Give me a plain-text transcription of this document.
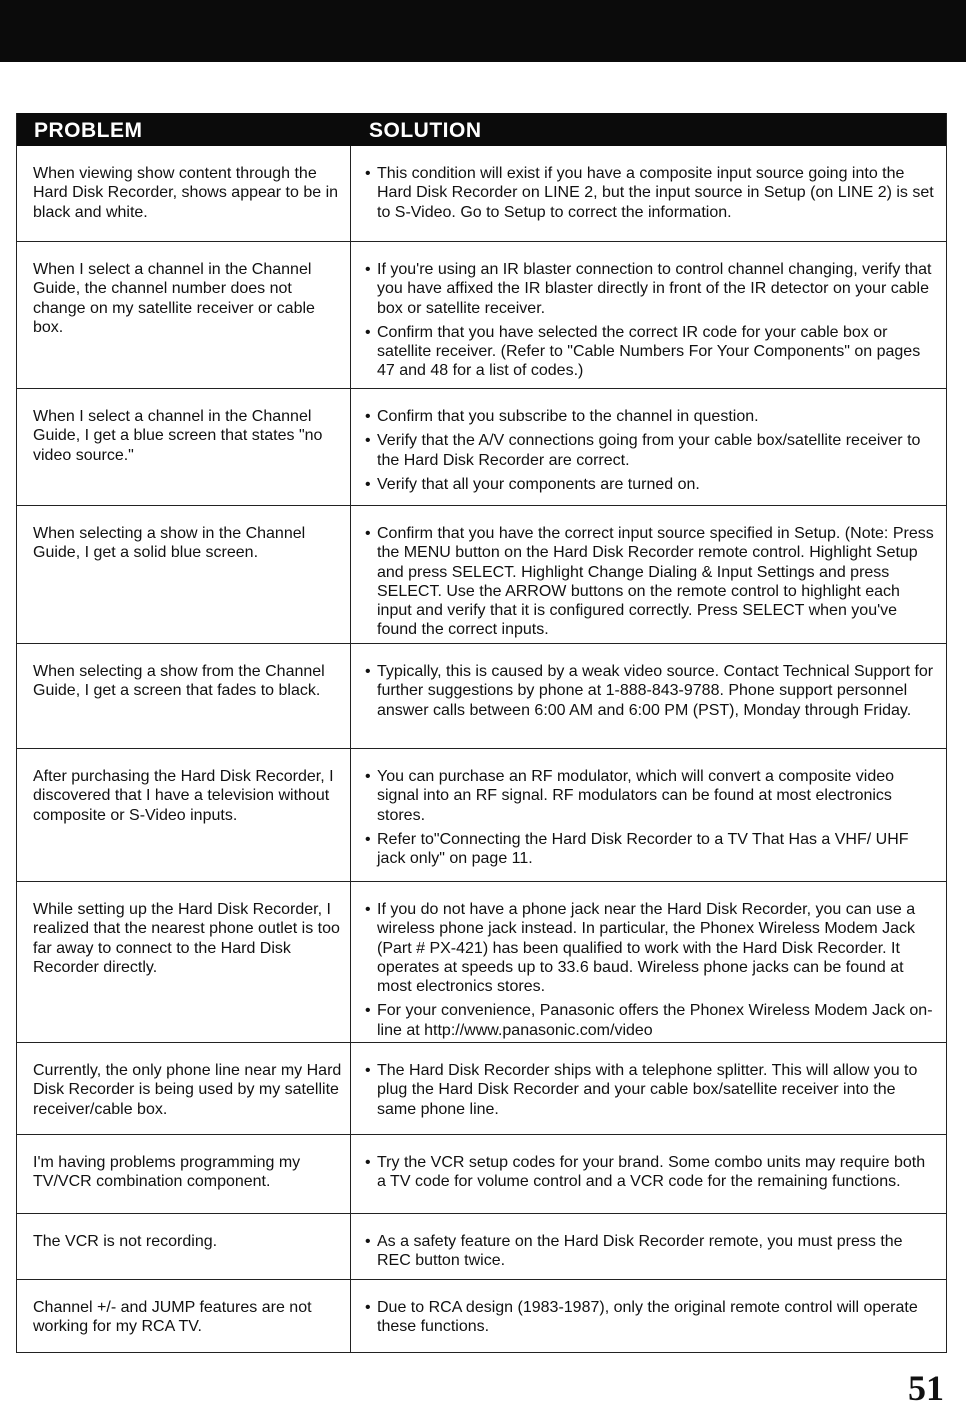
PROBLEM	SOLUTION
When viewing show content through the Hard Disk Recorder, shows appear to be in black and white.
• This condition will exist if you have a composite input source going into the Hard Disk Recorder on LINE 2, but the input source in Setup (on LINE 2) is set to S-Video. Go to Setup to correct the information.
When I select a channel in the Channel Guide, the channel number does not change on my satellite receiver or cable box.
• If you're using an IR blaster connection to control channel changing, verify that you have affixed the IR blaster directly in front of the IR detector on your cable box or satellite receiver.
• Confirm that you have selected the correct IR code for your cable box or satellite receiver. (Refer to "Cable Numbers For Your Components" on pages 47 and 48 for a list of codes.)
When I select a channel in the Channel Guide, I get a blue screen that states "no video source."
• Confirm that you subscribe to the channel in question.
• Verify that the A/V connections going from your cable box/satellite receiver to the Hard Disk Recorder are correct.
• Verify that all your components are turned on.
When selecting a show in the Channel Guide, I get a solid blue screen.
• Confirm that you have the correct input source specified in Setup. (Note: Press the MENU button on the Hard Disk Recorder remote control. Highlight Setup and press SELECT. Highlight Change Dialing & Input Settings and press SELECT. Use the ARROW buttons on the remote control to highlight each input and verify that it is configured correctly. Press SELECT when you've found the correct inputs.
When selecting a show from the Channel Guide, I get a screen that fades to black.
• Typically, this is caused by a weak video source. Contact Technical Support for further suggestions by phone at 1-888-843-9788. Phone support personnel answer calls between 6:00 AM and 6:00 PM (PST), Monday through Friday.
After purchasing the Hard Disk Recorder, I discovered that I have a television without composite or S-Video inputs.
• You can purchase an RF modulator, which will convert a composite video signal into an RF signal. RF modulators can be found at most electronics stores.
• Refer to"Connecting the Hard Disk Recorder to a TV That Has a VHF/ UHF jack only" on page 11.
While setting up the Hard Disk Recorder, I realized that the nearest phone outlet is too far away to connect to the Hard Disk Recorder directly.
• If you do not have a phone jack near the Hard Disk Recorder, you can use a wireless phone jack instead. In particular, the Phonex Wireless Modem Jack (Part # PX-421) has been qualified to work with the Hard Disk Recorder. It operates at speeds up to 33.6 baud. Wireless phone jacks can be found at most electronics stores.
• For your convenience, Panasonic offers the Phonex Wireless Modem Jack on-line at http://www.panasonic.com/video
Currently, the only phone line near my Hard Disk Recorder is being used by my satellite receiver/cable box.
• The Hard Disk Recorder ships with a telephone splitter. This will allow you to plug the Hard Disk Recorder and your cable box/satellite receiver into the same phone line.
I'm having problems programming my TV/VCR combination component.
• Try the VCR setup codes for your brand. Some combo units may require both a TV code for volume control and a VCR code for the remaining functions.
The VCR is not recording.	• As a safety feature on the Hard Disk Recorder remote, you must press the REC button twice.
Channel +/- and JUMP features are not working for my RCA TV.
• Due to RCA design (1983-1987), only the original remote control will operate these functions.
51
